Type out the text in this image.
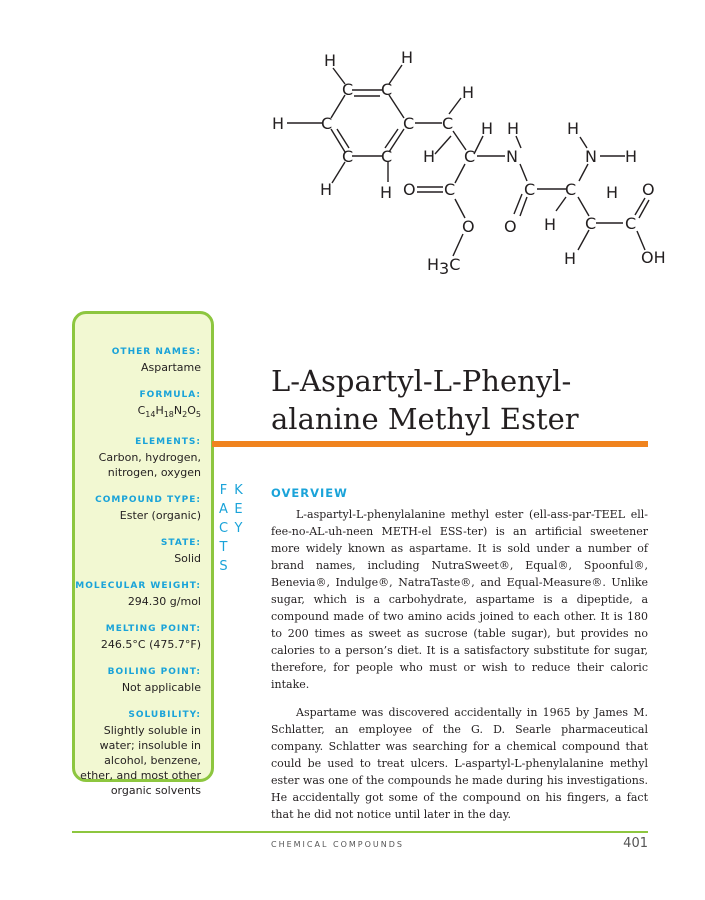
H	H
H
H
C C
C	C
C C
C H
H C
H
N
H
N H
H	H O C
O
H3C
O
C C H O
H C C
H	OH
OTHER NAMES:
Aspartame
FORMULA:
$C_{14}H_{18}N_2O_5$
ELEMENTS:
Carbon, hydrogen, nitrogen, oxygen
COMPOUND TYPE:
Ester (organic)
STATE:
Solid
MOLECULAR WEIGHT:
294.30 g/mol
MELTING POINT:
246.5°C (475.7°F)
BOILING POINT:
Not applicable
SOLUBILITY:
Slightly soluble in water; insoluble in alcohol, benzene, ether, and most other organic solvents
KEY FACTS
L-Aspartyl-L-Phenyl-
alanine Methyl Ester
OVERVIEW

L-aspartyl-L-phenylalanine methyl ester (ell-ass-par-TEEL ell-fee-no-AL-uh-neen METH-el ESS-ter) is an artificial sweetener more widely known as aspartame. It is sold under a number of brand names, including NutraSweet®, Equal®, Spoonful®, Benevia®, Indulge®, NatraTaste®, and Equal-Measure®. Unlike sugar, which is a carbohydrate, aspartame is a dipeptide, a compound made of two amino acids joined to each other. It is 180 to 200 times as sweet as sucrose (table sugar), but provides no calories to a person’s diet. It is a satisfactory substitute for sugar, therefore, for people who must or wish to reduce their caloric intake.

Aspartame was discovered accidentally in 1965 by James M. Schlatter, an employee of the G. D. Searle pharmaceutical company. Schlatter was searching for a chemical compound that could be used to treat ulcers. L-aspartyl-L-phenylalanine methyl ester was one of the compounds he made during his investigations. He accidentally got some of the compound on his fingers, a fact that he did not notice until later in the day.

CHEMICAL COMPOUNDS	401
